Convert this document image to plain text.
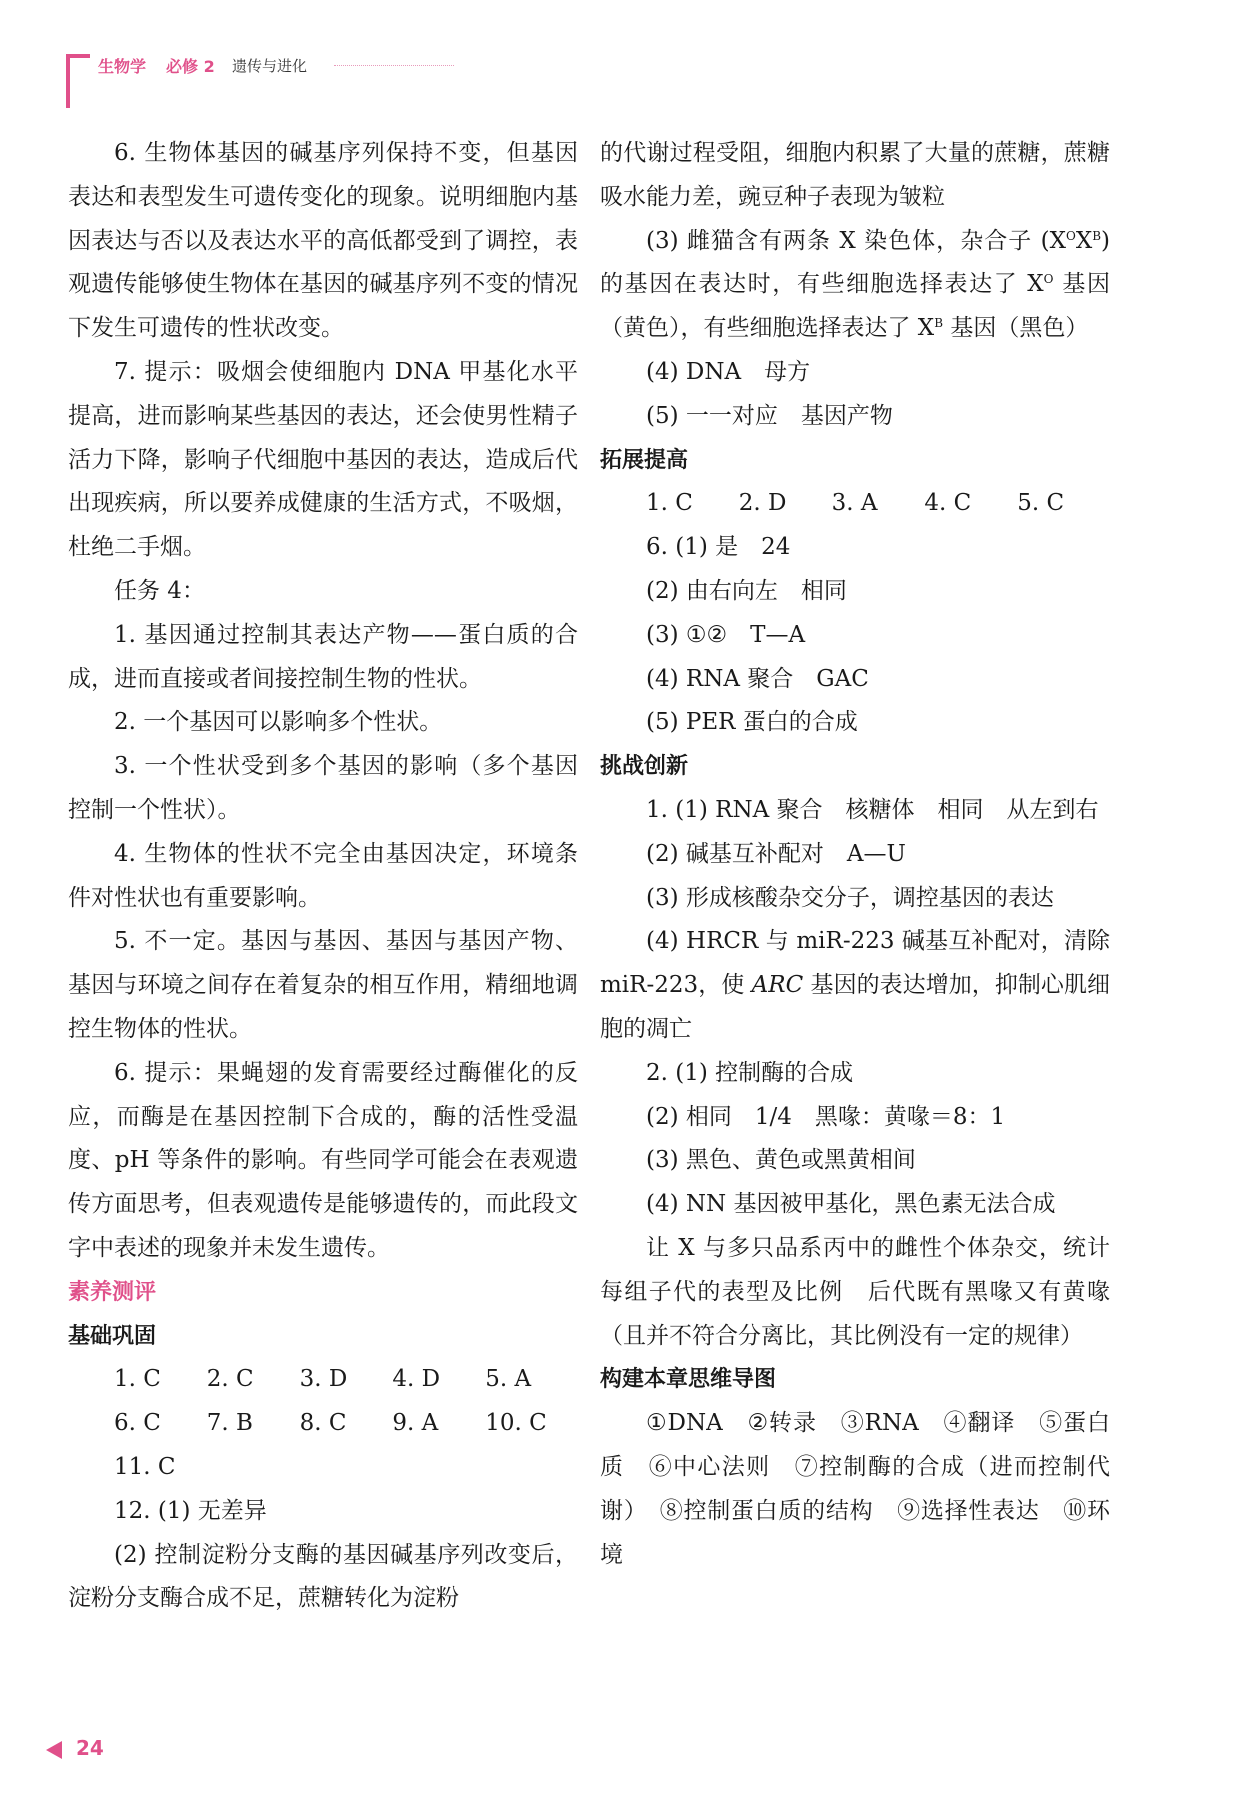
生物学 必修 2 遗传与进化

6. 生物体基因的碱基序列保持不变，但基因表达和表型发生可遗传变化的现象。说明细胞内基因表达与否以及表达水平的高低都受到了调控，表观遗传能够使生物体在基因的碱基序列不变的情况下发生可遗传的性状改变。

7. 提示：吸烟会使细胞内 DNA 甲基化水平提高，进而影响某些基因的表达，还会使男性精子活力下降，影响子代细胞中基因的表达，造成后代出现疾病，所以要养成健康的生活方式，不吸烟，杜绝二手烟。

任务 4：

1. 基因通过控制其表达产物——蛋白质的合成，进而直接或者间接控制生物的性状。

2. 一个基因可以影响多个性状。

3. 一个性状受到多个基因的影响（多个基因控制一个性状）。

4. 生物体的性状不完全由基因决定，环境条件对性状也有重要影响。

5. 不一定。基因与基因、基因与基因产物、基因与环境之间存在着复杂的相互作用，精细地调控生物体的性状。

6. 提示：果蝇翅的发育需要经过酶催化的反应，而酶是在基因控制下合成的，酶的活性受温度、pH 等条件的影响。有些同学可能会在表观遗传方面思考，但表观遗传是能够遗传的，而此段文字中表述的现象并未发生遗传。

素养测评

基础巩固

1. C	2. C	3. D	4. D	5. A
6. C	7. B	8. C	9. A	10. C
11. C

12. (1) 无差异

(2) 控制淀粉分支酶的基因碱基序列改变后，淀粉分支酶合成不足，蔗糖转化为淀粉

的代谢过程受阻，细胞内积累了大量的蔗糖，蔗糖吸水能力差，豌豆种子表现为皱粒

(3) 雌猫含有两条 X 染色体，杂合子 $(X^OX^B)$ 的基因在表达时，有些细胞选择表达了 $X^O$ 基因（黄色），有些细胞选择表达了 $X^B$ 基因（黑色）

(4) DNA　母方

(5) 一一对应　基因产物

拓展提高

1. C	2. D	3. A	4. C	5. C

6. (1) 是　24

(2) 由右向左　相同

(3) ①②　T—A

(4) RNA 聚合　GAC

(5) PER 蛋白的合成

挑战创新

1. (1) RNA 聚合　核糖体　相同　从左到右

(2) 碱基互补配对　A—U

(3) 形成核酸杂交分子，调控基因的表达

(4) HRCR 与 miR-223 碱基互补配对，清除 miR-223，使 ARC 基因的表达增加，抑制心肌细胞的凋亡

2. (1) 控制酶的合成

(2) 相同　1/4　黑喙：黄喙＝8：1

(3) 黑色、黄色或黑黄相间

(4) NN 基因被甲基化，黑色素无法合成

让 X 与多只品系丙中的雌性个体杂交，统计每组子代的表型及比例　后代既有黑喙又有黄喙（且并不符合分离比，其比例没有一定的规律）

构建本章思维导图

①DNA　②转录　③RNA　④翻译　⑤蛋白质　⑥中心法则　⑦控制酶的合成（进而控制代谢）　⑧控制蛋白质的结构　⑨选择性表达　⑩环境

24
